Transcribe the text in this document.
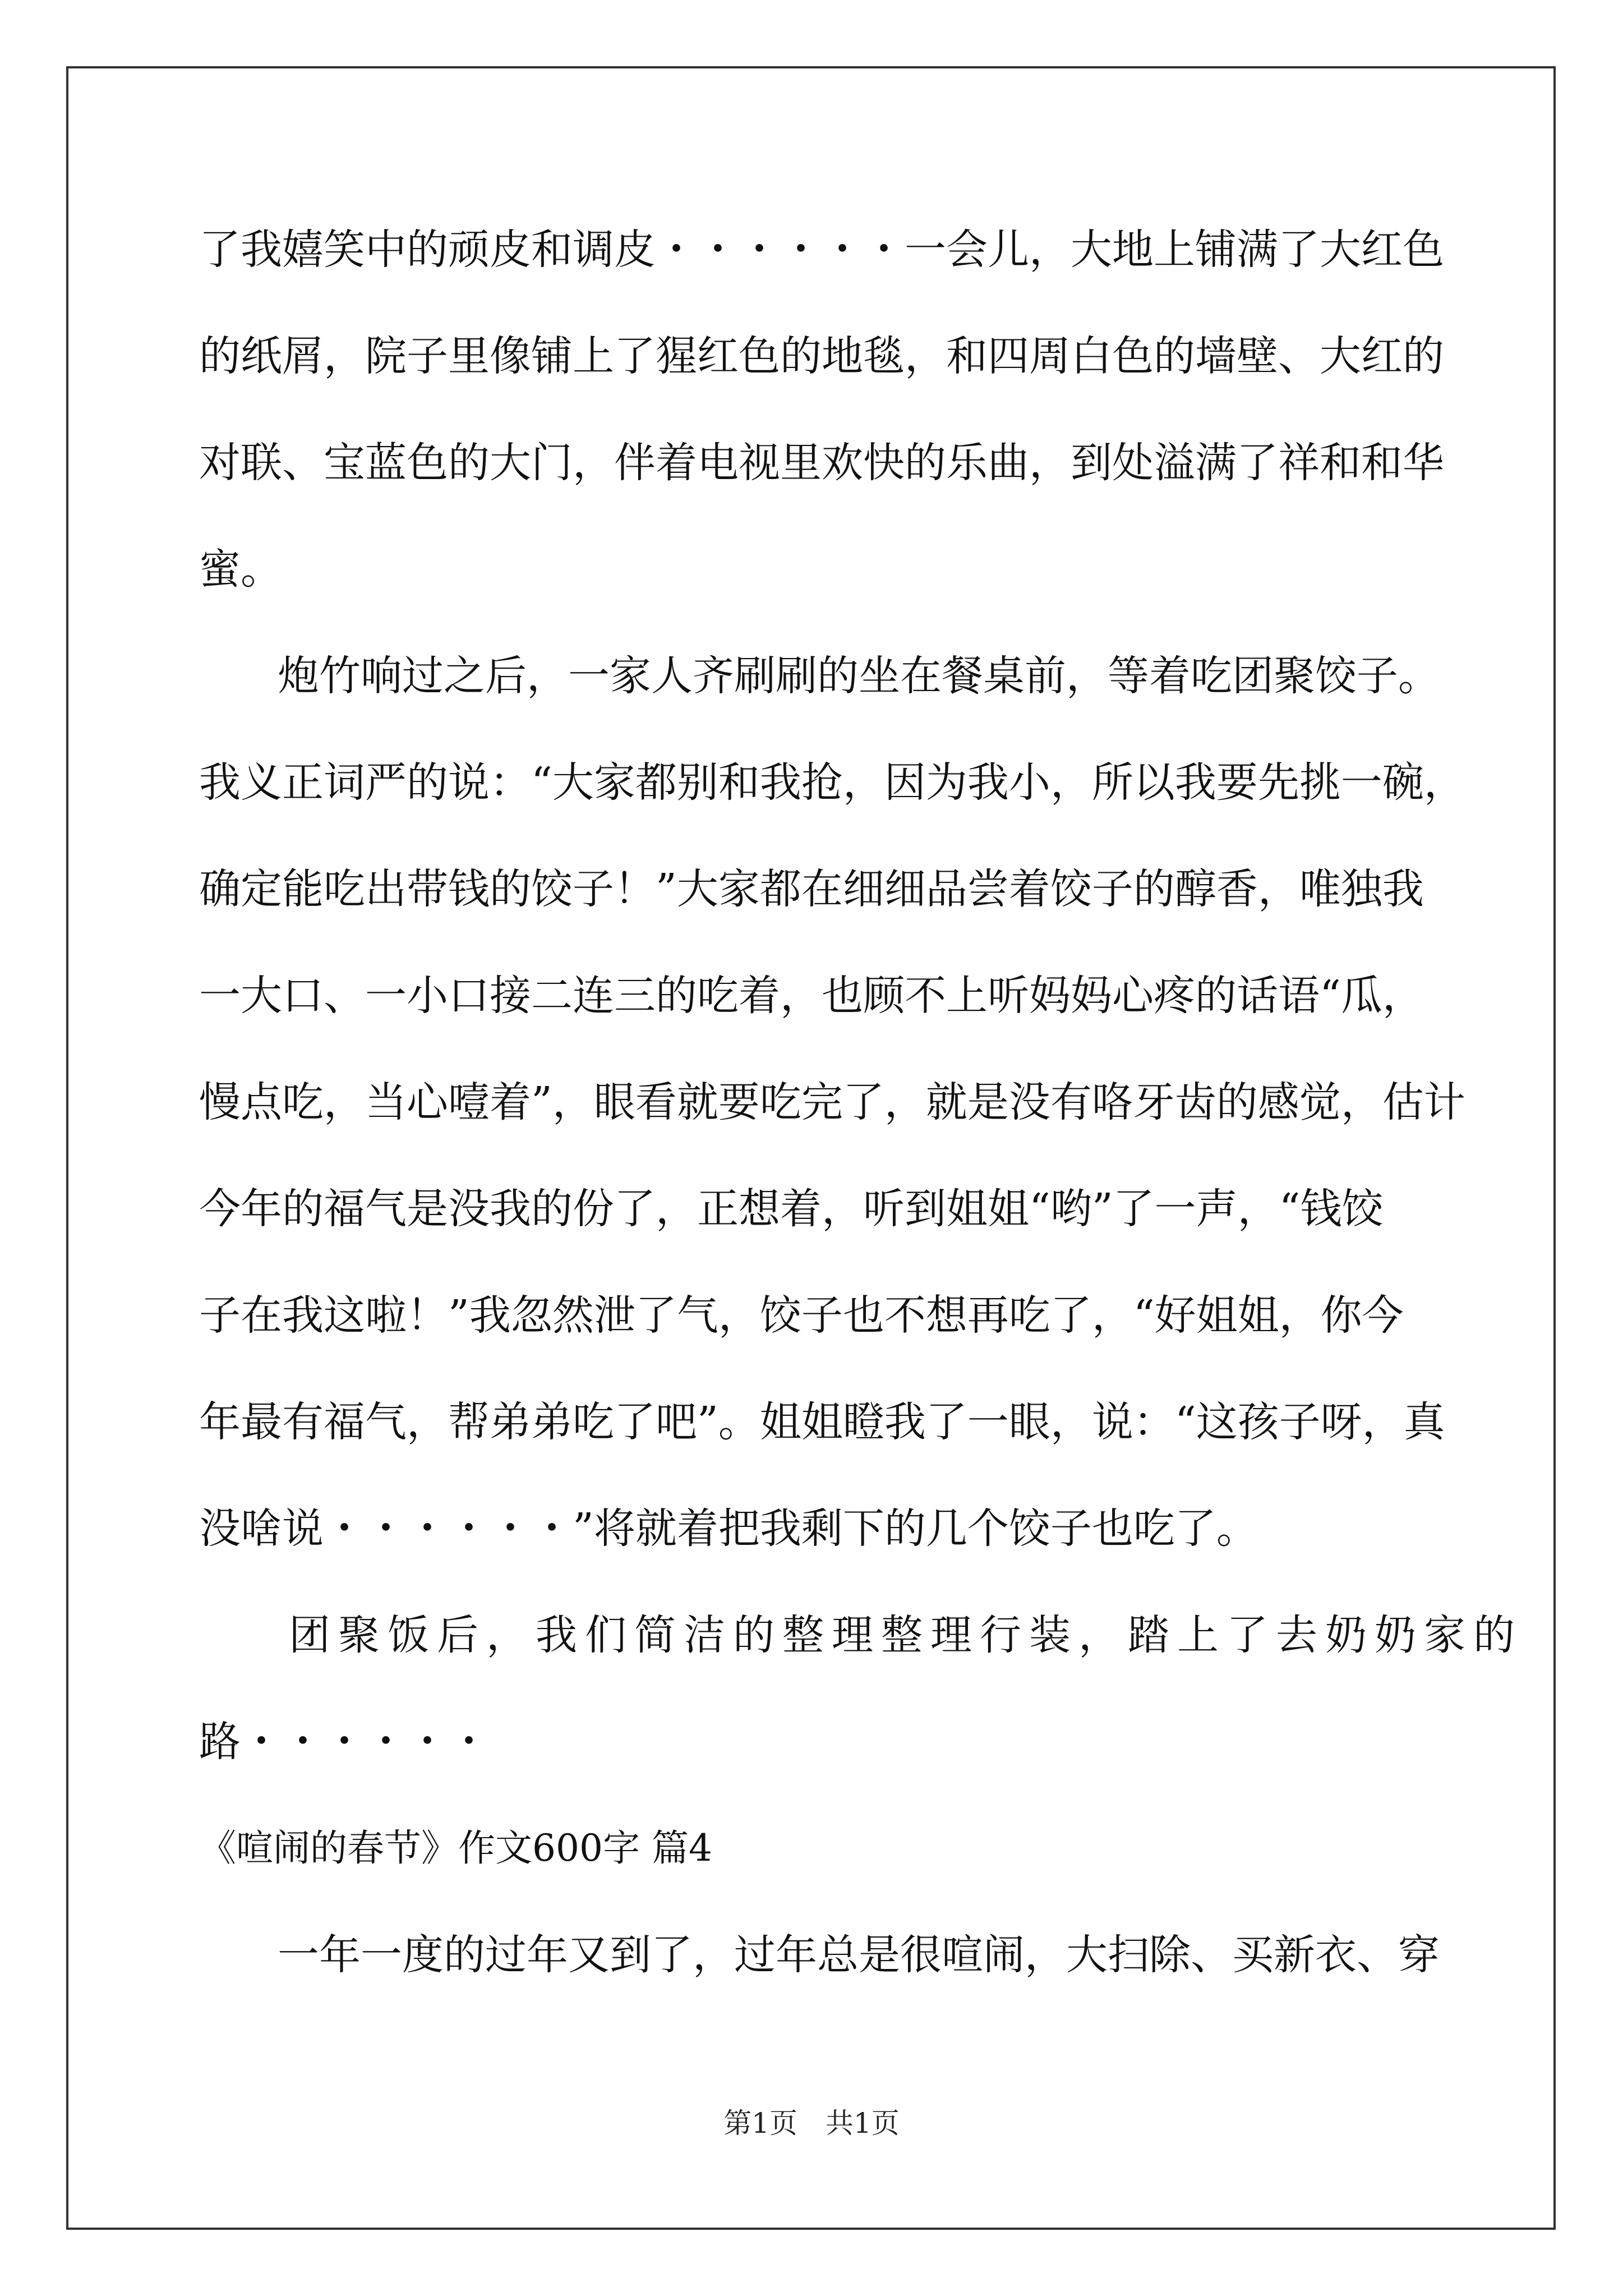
了我嬉笑中的顽皮和调皮・・・・・・一会儿，大地上铺满了大红色
的纸屑，院子里像铺上了猩红色的地毯，和四周白色的墙壁、大红的
对联、宝蓝色的大门，伴着电视里欢快的乐曲，到处溢满了祥和和华
蜜。
炮竹响过之后，一家人齐刷刷的坐在餐桌前，等着吃团聚饺子。
我义正词严的说：“大家都别和我抢，因为我小，所以我要先挑一碗，
确定能吃出带钱的饺子！”大家都在细细品尝着饺子的醇香，唯独我
一大口、一小口接二连三的吃着，也顾不上听妈妈心疼的话语“瓜，
慢点吃，当心噎着”，眼看就要吃完了，就是没有咯牙齿的感觉，估计
今年的福气是没我的份了，正想着，听到姐姐“哟”了一声，“钱饺
子在我这啦！”我忽然泄了气，饺子也不想再吃了，“好姐姐，你今
年最有福气，帮弟弟吃了吧”。姐姐瞪我了一眼，说：“这孩子呀，真
没啥说・・・・・・”将就着把我剩下的几个饺子也吃了。
团聚饭后，我们简洁的整理整理行装，踏上了去奶奶家的
路・・・・・・
《喧闹的春节》作文600字 篇4
一年一度的过年又到了，过年总是很喧闹，大扫除、买新衣、穿
第1页　共1页
